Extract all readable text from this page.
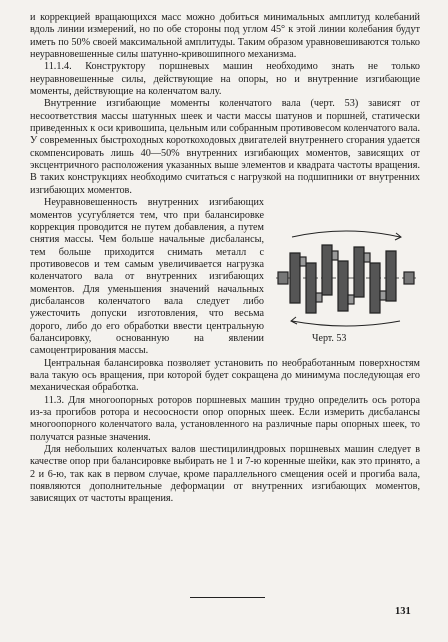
и коррекцией вращающихся масс можно добиться минимальных амплитуд колебаний вдоль линии измерений, но по обе стороны под углом 45° к этой линии колебания будут иметь по 50% своей максимальной амплитуды. Таким образом уравновешиваются только неуравновешенные силы шатунно-кривошипного механизма.

11.1.4. Конструктору поршневых машин необходимо знать не только неуравновешенные силы, действующие на опоры, но и внутренние изгибающие моменты, действующие на коленчатом валу.

Внутренние изгибающие моменты коленчатого вала (черт. 53) зависят от несоответствия массы шатунных шеек и части массы шатунов и поршней, статически приведенных к оси кривошипа, цельным или собранным противовесом коленчатого вала. У современных быстроходных короткоходовых двигателей внутреннего сгорания удается скомпенсировать лишь 40—50% внутренних изгибающих моментов, зависящих от эксцентричного расположения указанных выше элементов и квадрата частоты вращения. В таких конструкциях необходимо считаться с нагрузкой на подшипники от внутренних изгибающих моментов.

Черт. 53

Неуравновешенность внутренних изгибающих моментов усугубляется тем, что при балансировке коррекция проводится не путем добавления, а путем снятия массы. Чем больше начальные дисбалансы, тем больше приходится снимать металл с противовесов и тем самым увеличивается нагрузка коленчатого вала от внутренних изгибающих моментов. Для уменьшения значений начальных дисбалансов коленчатого вала следует либо ужесточить допуски изготовления, что весьма дорого, либо до его обработки ввести центральную балансировку, основанную на явлении самоцентрирования массы.

Центральная балансировка позволяет установить по необработанным поверхностям вала такую ось вращения, при которой будет сокращена до минимума последующая его механическая обработка.

11.3. Для многоопорных роторов поршневых машин трудно определить ось ротора из-за прогибов ротора и несоосности опор опорных шеек. Если измерить дисбалансы многоопорного коленчатого вала, установленного на различные пары опорных шеек, то получатся разные значения.

Для небольших коленчатых валов шестицилиндровых поршневых машин следует в качестве опор при балансировке выбирать не 1 и 7-ю коренные шейки, как это принято, а 2 и 6-ю, так как в первом случае, кроме параллельного смещения осей и прогиба вала, появляются дополнительные деформации от внутренних изгибающих моментов, зависящих от частоты вращения.

131
